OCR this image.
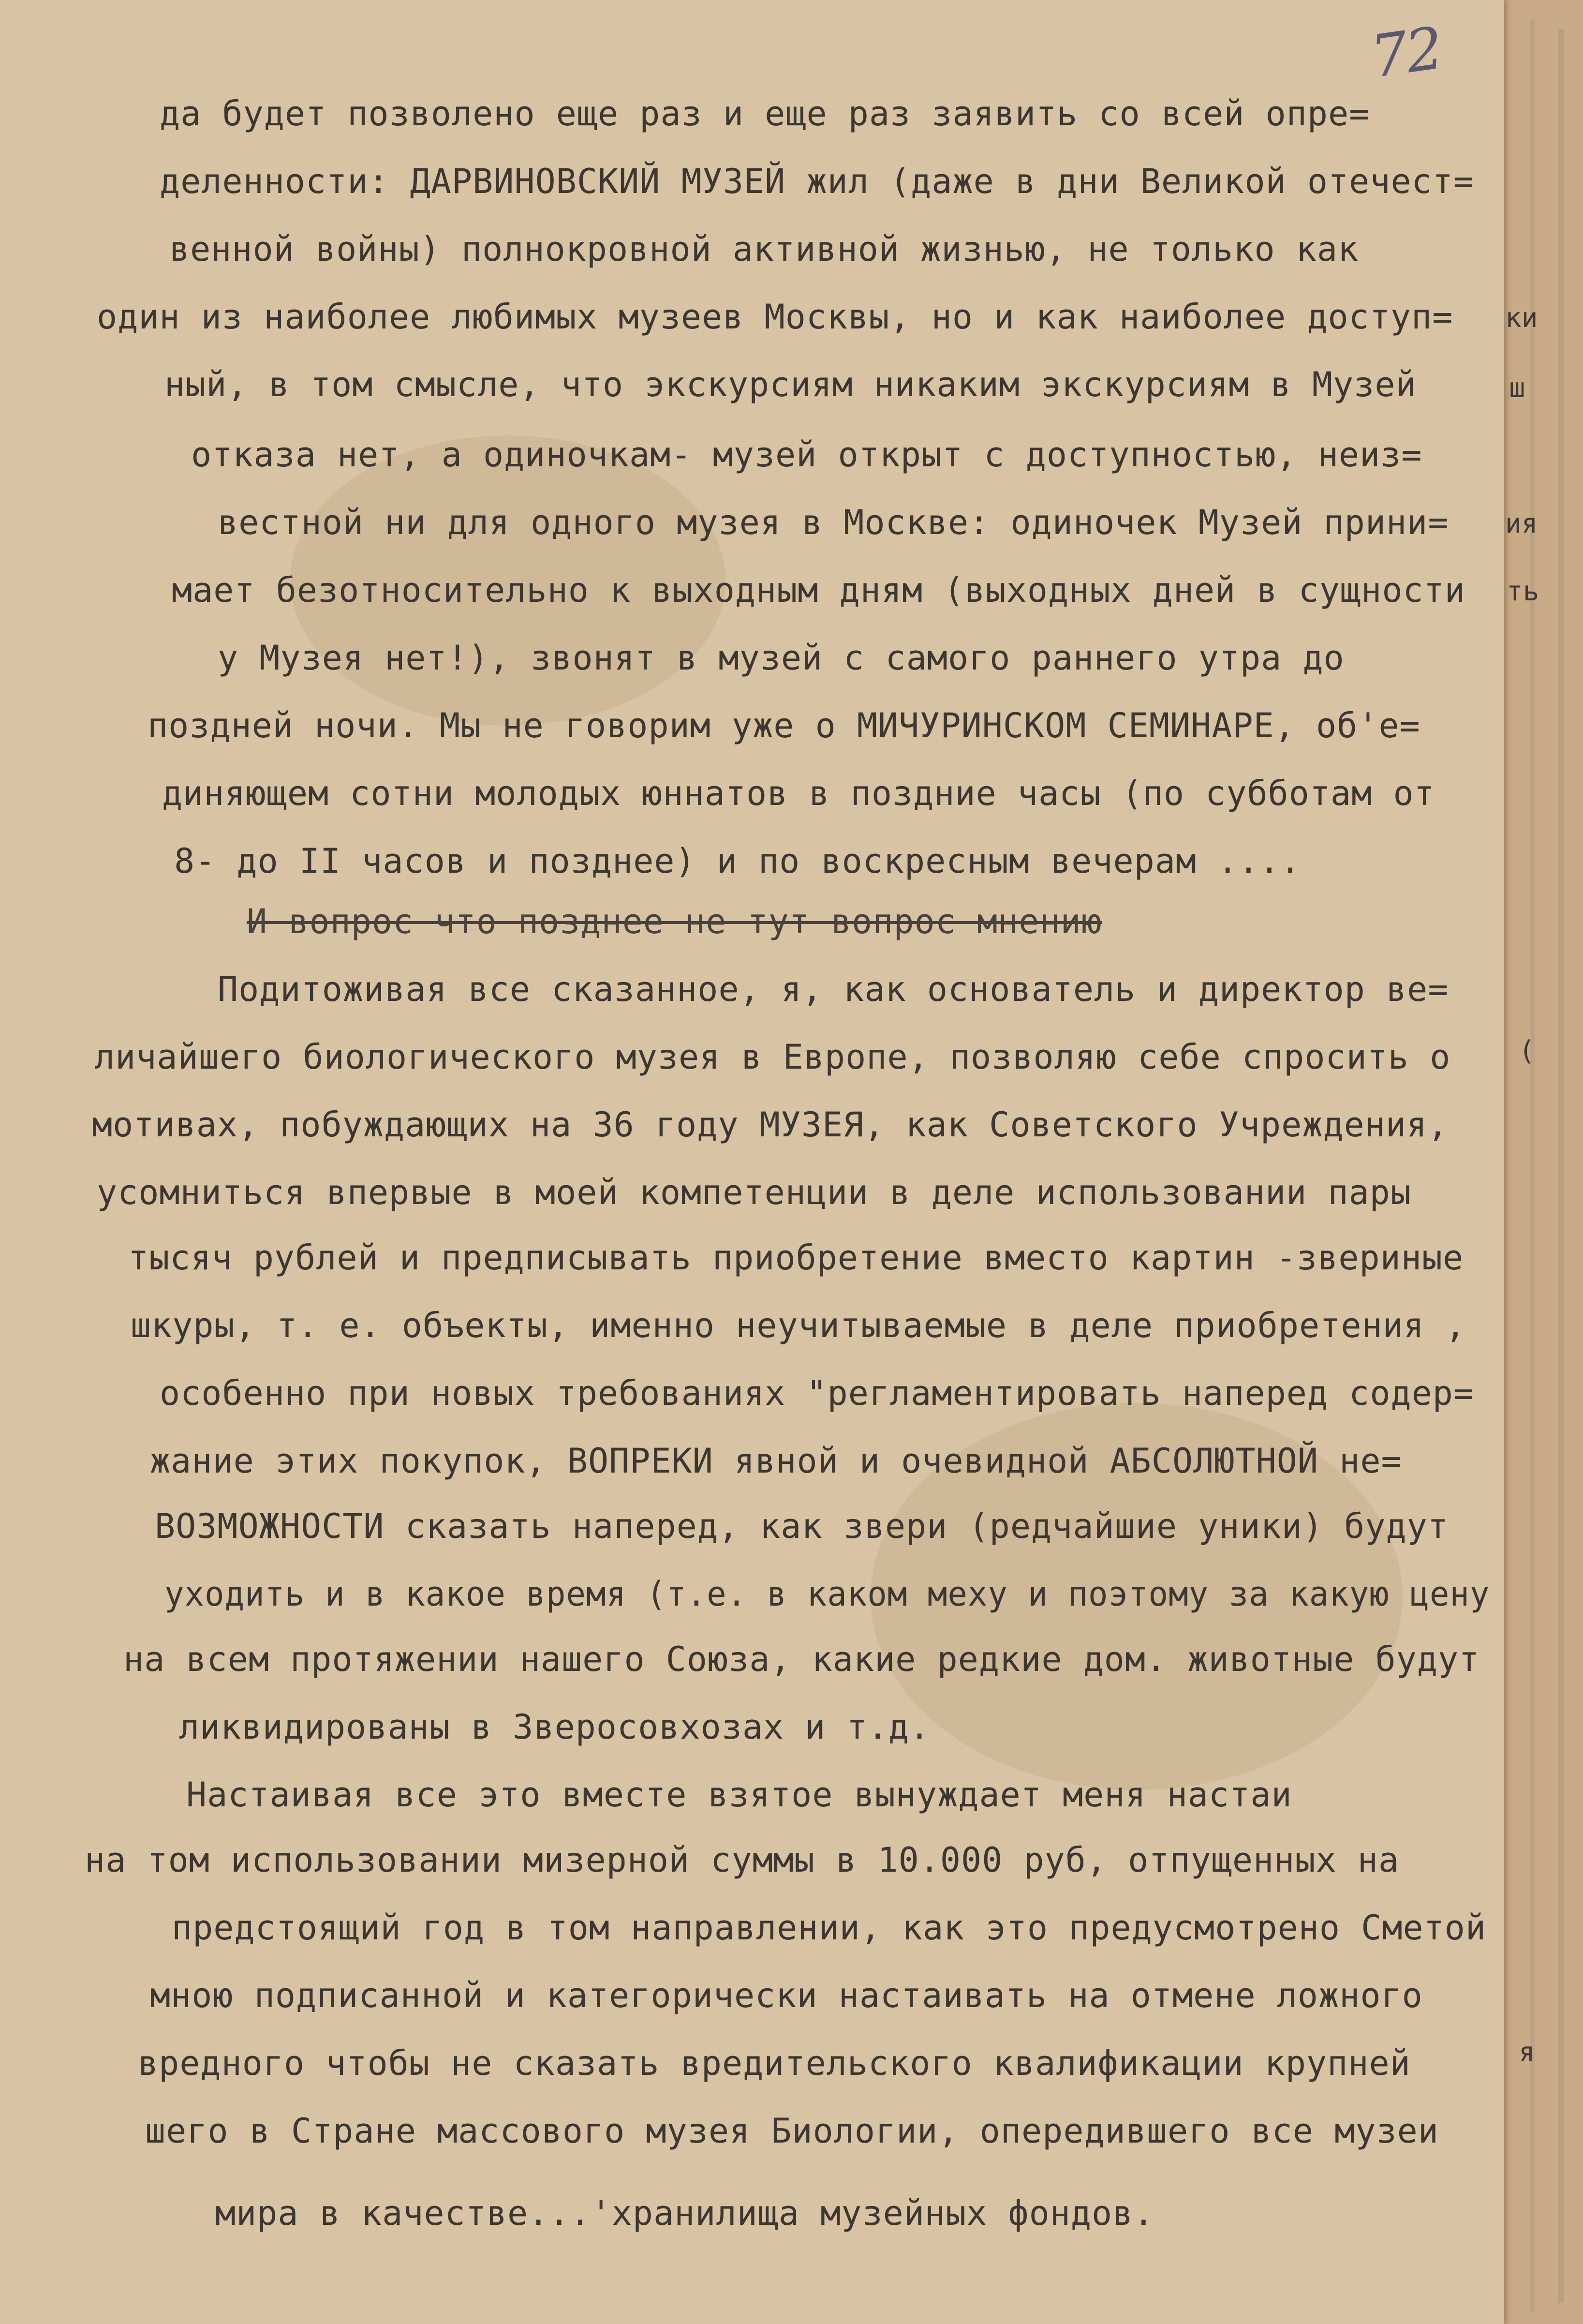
72
да будет позволено еще раз и еще раз заявить со всей опре=
деленности: ДАРВИНОВСКИЙ МУЗЕЙ жил (даже в дни Великой отечест=
венной войны) полнокровной активной жизнью, не только как
один из наиболее любимых музеев Москвы, но и как наиболее доступ=
ный, в том смысле, что экскурсиям никаким экскурсиям в Музей
отказа нет, а одиночкам- музей открыт с доступностью, неиз=
вестной ни для одного музея в Москве: одиночек Музей прини=
мает безотносительно к выходным дням (выходных дней в сущности
у Музея нет!), звонят в музей с самого раннего утра до
поздней ночи. Мы не говорим уже о МИЧУРИНСКОМ СЕМИНАРЕ, об'е=
диняющем сотни молодых юннатов в поздние часы (по субботам от
8- до II часов и позднее) и по воскресным вечерам ....
И вопрос что позднее не тут вопрос мнению
Подитоживая все сказанное, я, как основатель и директор ве=
личайшего биологического музея в Европе, позволяю себе спросить о
мотивах, побуждающих на 36 году МУЗЕЯ, как Советского Учреждения,
усомниться впервые в моей компетенции в деле использовании пары
тысяч рублей и предписывать приобретение вместо картин -звериные
шкуры, т. е. объекты, именно неучитываемые в деле приобретения ,
особенно при новых требованиях "регламентировать наперед содер=
жание этих покупок, ВОПРЕКИ явной и очевидной АБСОЛЮТНОЙ не=
ВОЗМОЖНОСТИ сказать наперед, как звери (редчайшие уники) будут
уходить и в какое время (т.е. в каком меху и поэтому за какую цену
на всем протяжении нашего Союза, какие редкие дом. животные будут
ликвидированы в Зверосовхозах и т.д.
Настаивая все это вместе взятое вынуждает меня настаи
на том использовании мизерной суммы в 10.000 руб, отпущенных на
предстоящий год в том направлении, как это предусмотрено Сметой
мною подписанной и категорически настаивать на отмене ложного
вредного чтобы не сказать вредительского квалификации крупней
шего в Стране массового музея Биологии, опередившего все музеи
мира в качестве...'хранилища музейных фондов.
ки
ш
ия
ть
(
я
